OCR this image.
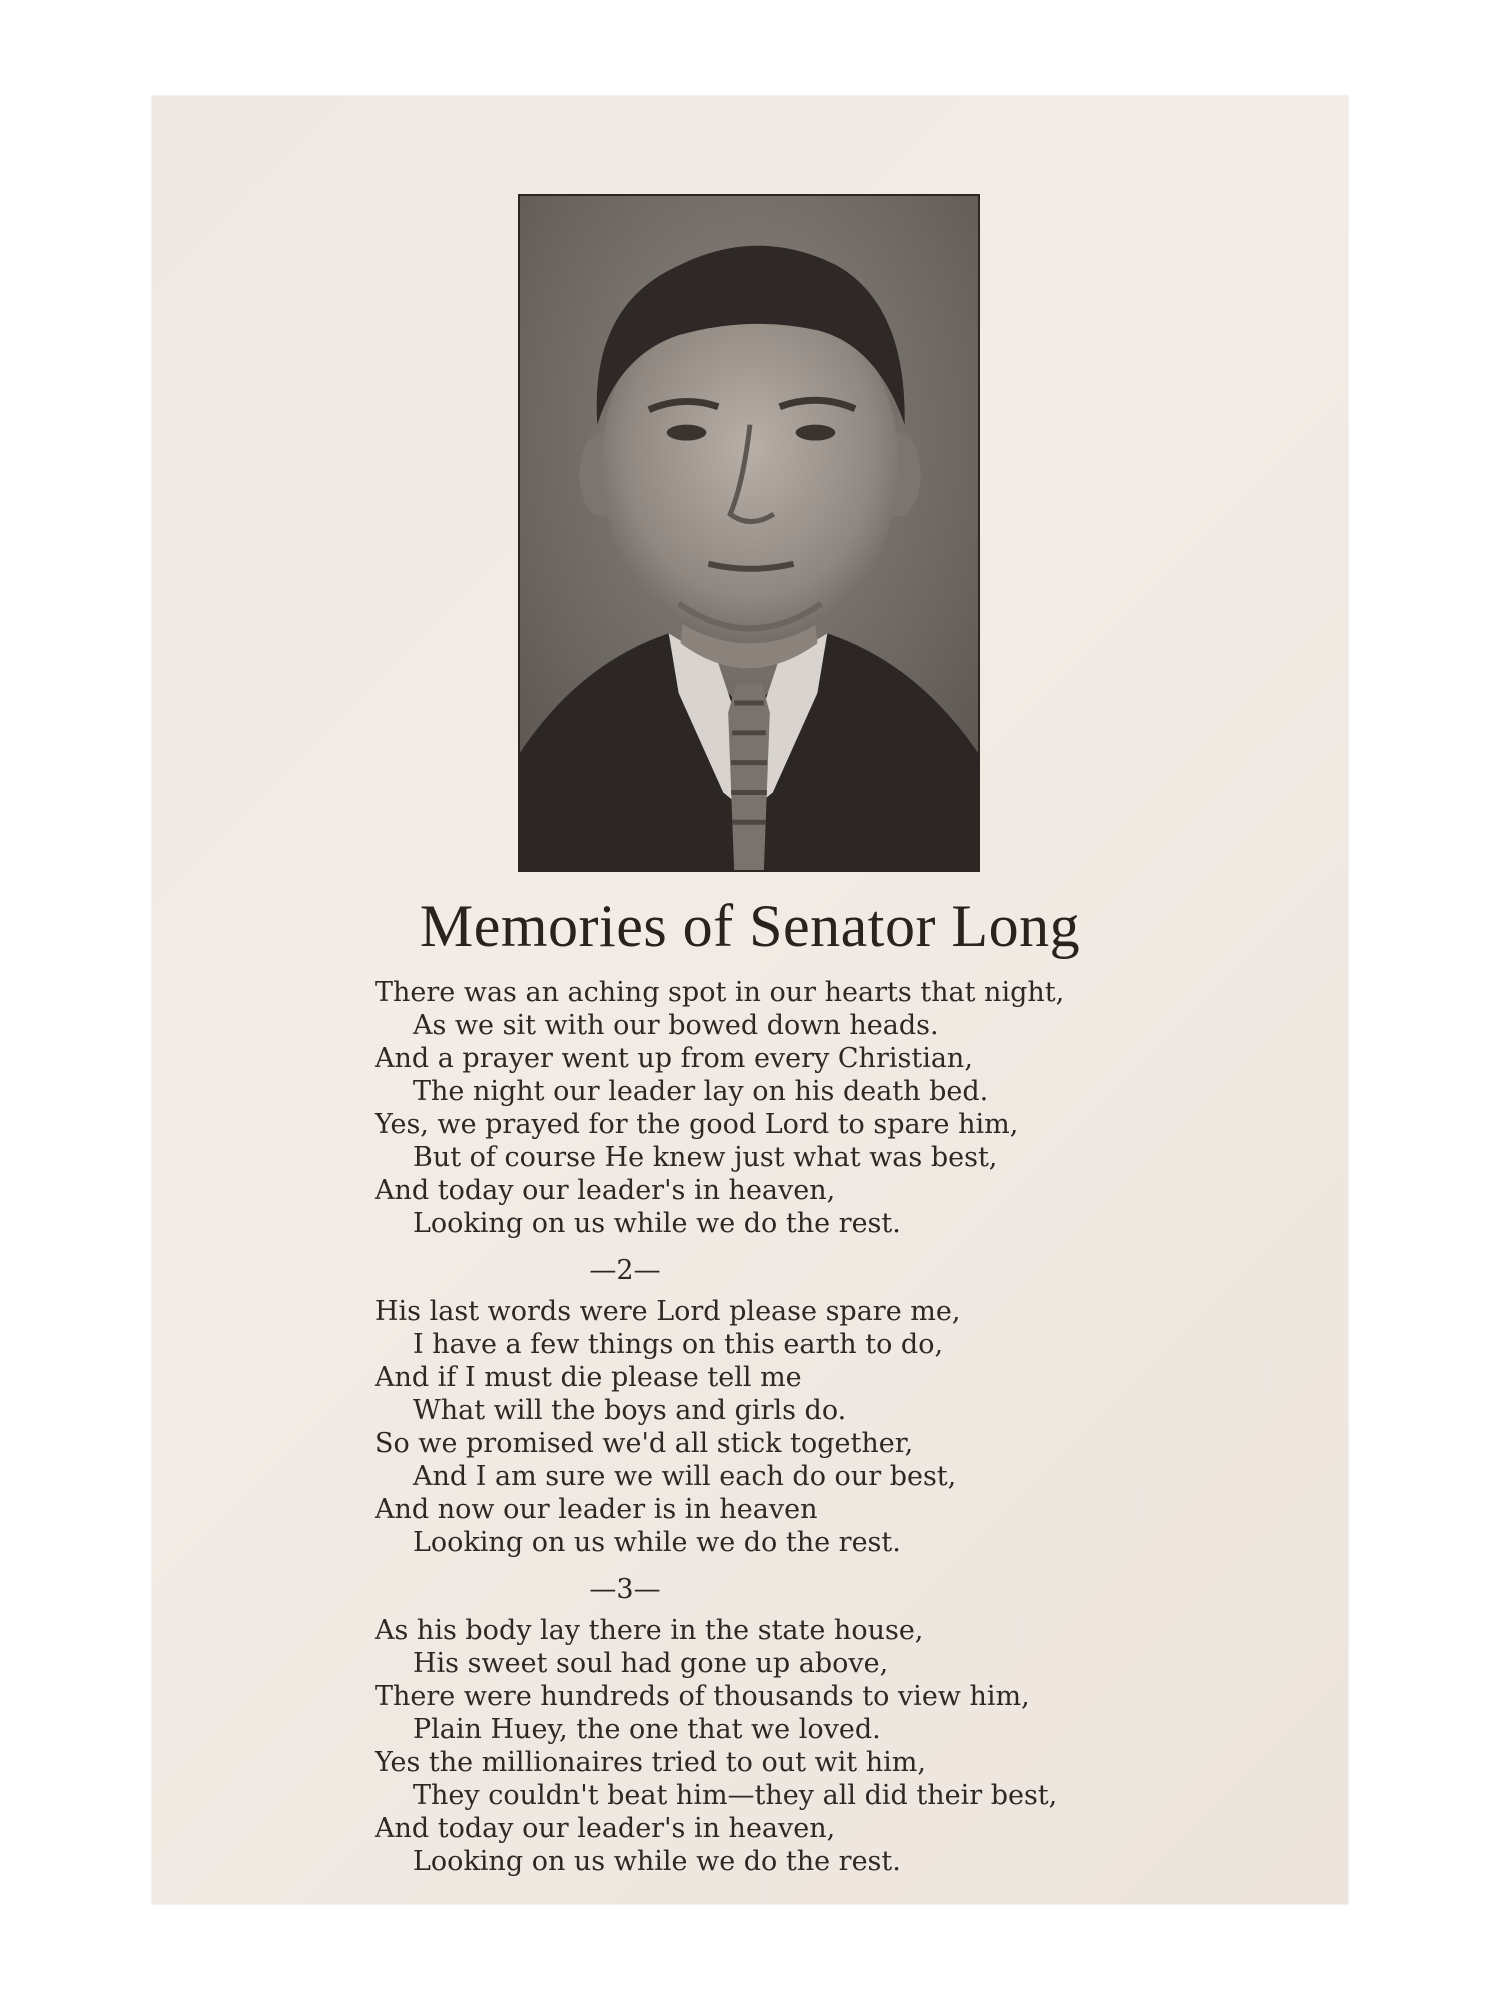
Memories of Senator Long
There was an aching spot in our hearts that night,
As we sit with our bowed down heads.
And a prayer went up from every Christian,
The night our leader lay on his death bed.
Yes, we prayed for the good Lord to spare him,
But of course He knew just what was best,
And today our leader's in heaven,
Looking on us while we do the rest.
—2—
His last words were Lord please spare me,
I have a few things on this earth to do,
And if I must die please tell me
What will the boys and girls do.
So we promised we'd all stick together,
And I am sure we will each do our best,
And now our leader is in heaven
Looking on us while we do the rest.
—3—
As his body lay there in the state house,
His sweet soul had gone up above,
There were hundreds of thousands to view him,
Plain Huey, the one that we loved.
Yes the millionaires tried to out wit him,
They couldn't beat him—they all did their best,
And today our leader's in heaven,
Looking on us while we do the rest.
